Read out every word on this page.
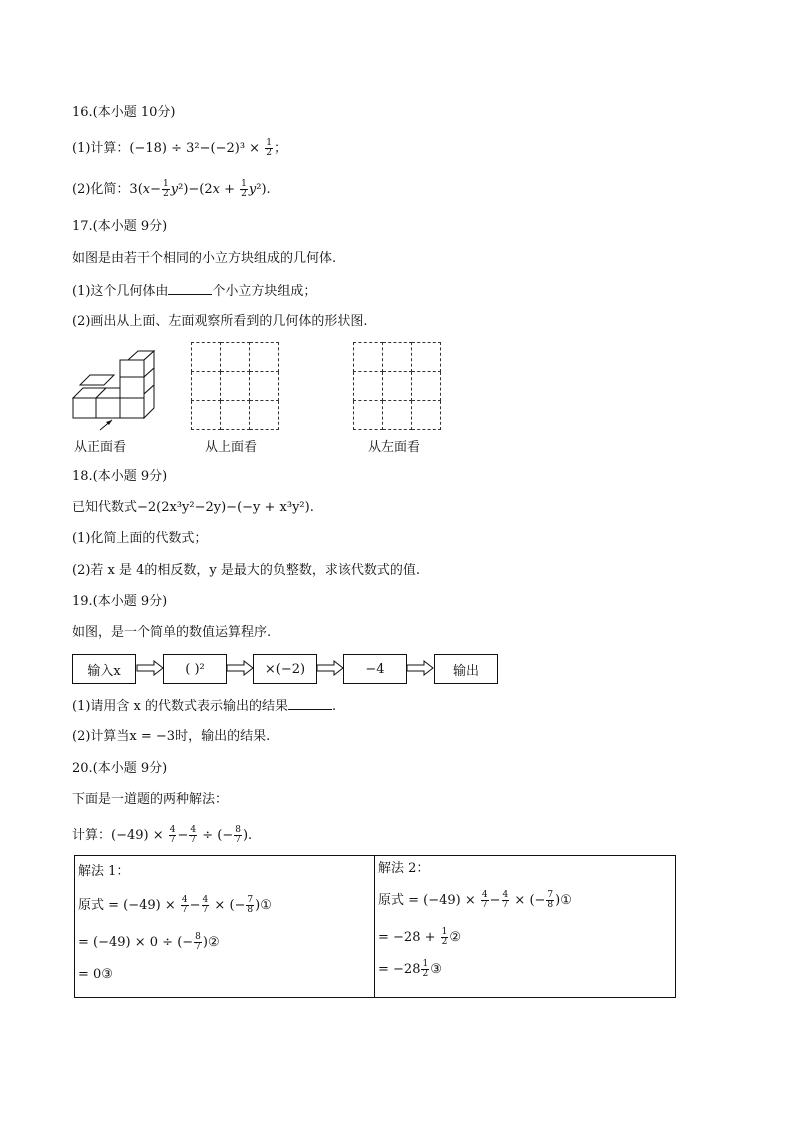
16.(本小题 10分)
(1)计算：$(-18) \div 3^2-(-2)^3 \times \frac{1}{2}$ ；
(2)化简：$3(x- \frac{1}{2} y^2)-(2x + \frac{1}{2} y^2)$.
17.(本小题 9分)
如图是由若干个相同的小立方块组成的几何体.
(1)这个几何体由	个小立方块组成；
(2)画出从上面、左面观察所看到的几何体的形状图.
从正面看

			从上面看

			从左面看
18.(本小题 9分)
已知代数式−2(2x³y²−2y)−(−y + x³y²).
(1)化简上面的代数式；
(2)若 x 是 4的相反数，y 是最大的负整数，求该代数式的值.
19.(本小题 9分)
如图，是一个简单的数值运算程序.
输入x	( )²	×(−2)	−4	输出
(1)请用含 x 的代数式表示输出的结果	.
(2)计算当x = −3时，输出的结果.
20.(本小题 9分)
下面是一道题的两种解法：
计算：$(-49) \times \frac{4}{7} - \frac{4}{7}$ ÷ (− $\frac{8}{7}$ ).
解法 1：
原式 = $(-49) \times \frac{4}{7} - \frac{4}{7}$ × (− $\frac{7}{8}$ )①
= (−49) × 0 ÷ (− $\frac{8}{7}$ )②
= 0③
解法 2：
原式 = $(-49) \times \frac{4}{7} - \frac{4}{7}$ × (− $\frac{7}{8}$ )①
= $-28 + \frac{1}{2}$ ②
= $-28 \frac{1}{2}$ ③
